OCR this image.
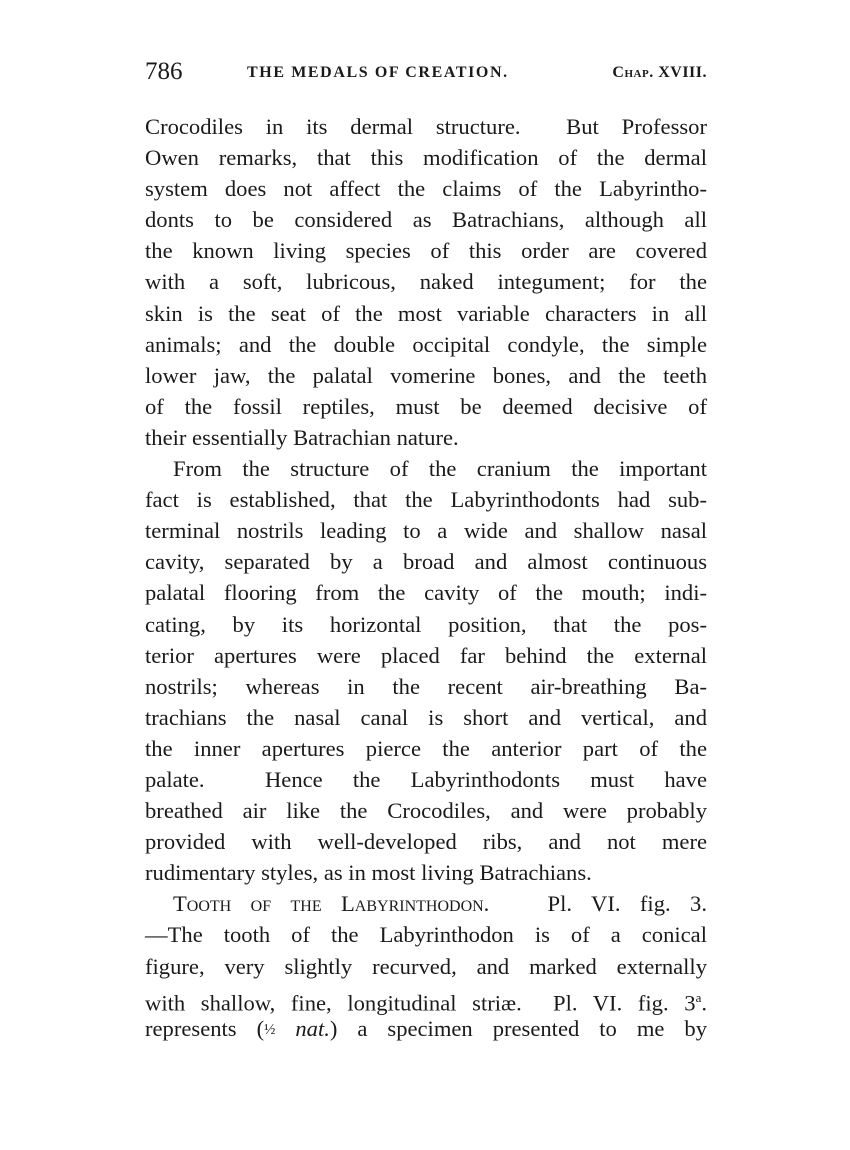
786	THE MEDALS OF CREATION.	Chap. XVIII.
Crocodiles in its dermal structure.  But Professor
Owen remarks, that this modification of the dermal
system does not affect the claims of the Labyrintho-
donts to be considered as Batrachians, although all
the known living species of this order are covered
with a soft, lubricous, naked integument; for the
skin is the seat of the most variable characters in all
animals; and the double occipital condyle, the simple
lower jaw, the palatal vomerine bones, and the teeth
of the fossil reptiles, must be deemed decisive of
their essentially Batrachian nature.
From the structure of the cranium the important
fact is established, that the Labyrinthodonts had sub-
terminal nostrils leading to a wide and shallow nasal
cavity, separated by a broad and almost continuous
palatal flooring from the cavity of the mouth; indi-
cating, by its horizontal position, that the pos-
terior apertures were placed far behind the external
nostrils; whereas in the recent air-breathing Ba-
trachians the nasal canal is short and vertical, and
the inner apertures pierce the anterior part of the
palate.  Hence the Labyrinthodonts must have
breathed air like the Crocodiles, and were probably
provided with well-developed ribs, and not mere
rudimentary styles, as in most living Batrachians.
Tooth of the Labyrinthodon.	Pl. VI. fig. 3.
—The tooth of the Labyrinthodon is of a conical
figure, very slightly recurved, and marked externally
with shallow, fine, longitudinal striæ.  Pl. VI. fig. 3$^a$.
represents (½ nat.) a specimen presented to me by
